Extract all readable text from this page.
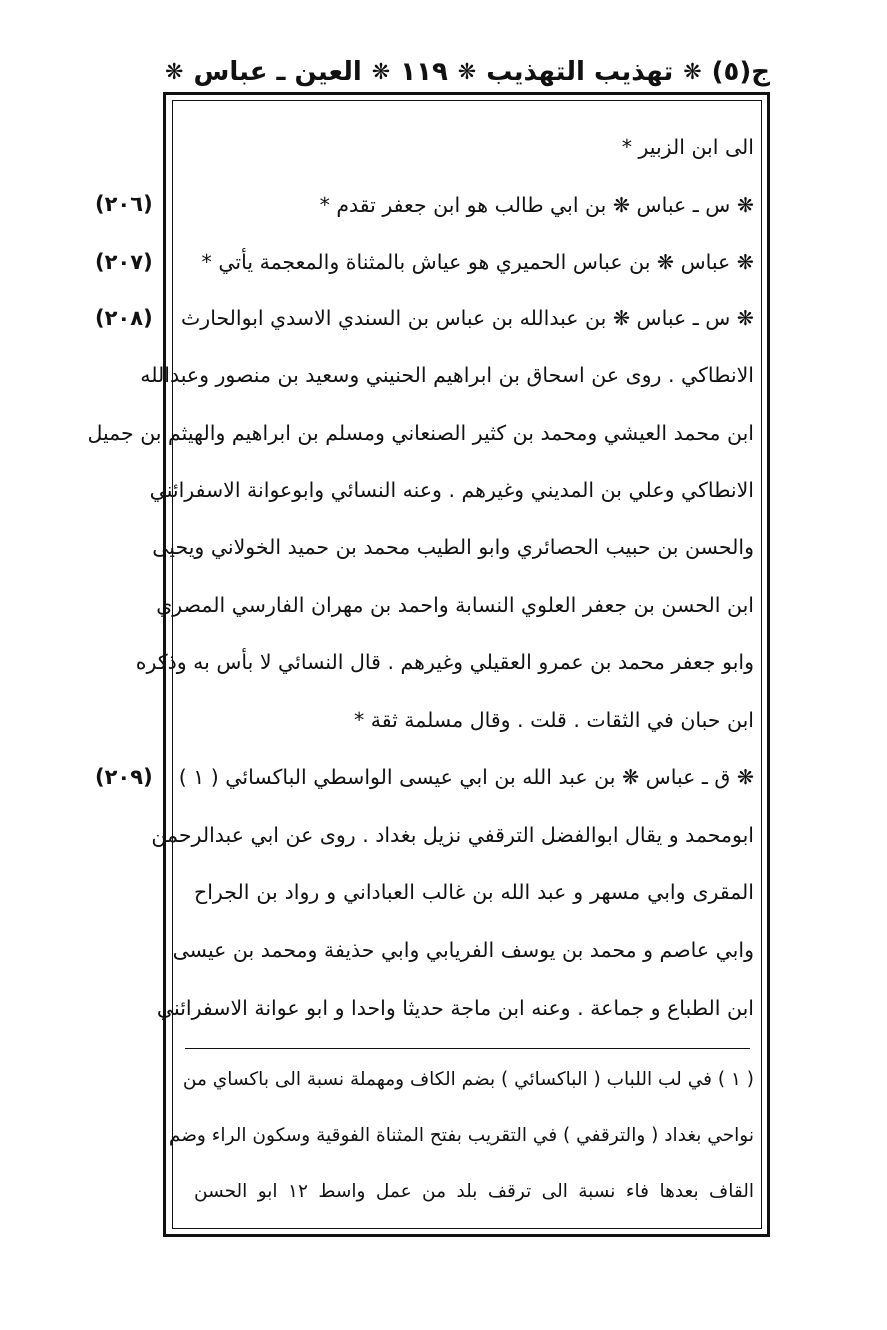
ج(٥)
❋
تهذيب التهذيب
❋
١١٩
❋
العين ـ عباس
❋
الى ابن الزبير *
❋ س ـ عباس ❋ بن ابي طالب هو ابن جعفر تقدم *
❋ عباس ❋ بن عباس الحميري هو عياش بالمثناة والمعجمة يأتي *
❋ س ـ عباس ❋ بن عبدالله بن عباس بن السندي الاسدي ابوالحارث
الانطاكي . روى عن اسحاق بن ابراهيم الحنيني وسعيد بن منصور وعبدالله
ابن محمد العيشي ومحمد بن كثير الصنعاني ومسلم بن ابراهيم والهيثم بن جميل
الانطاكي وعلي بن المديني وغيرهم . وعنه النسائي وابوعوانة الاسفرائني
والحسن بن حبيب الحصائري وابو الطيب محمد بن حميد الخولاني ويحيى
ابن الحسن بن جعفر العلوي النسابة واحمد بن مهران الفارسي المصري
وابو جعفر محمد بن عمرو العقيلي وغيرهم . قال النسائي لا بأس به وذكره
ابن حبان في الثقات . قلت . وقال مسلمة ثقة *
❋ ق ـ عباس ❋ بن عبد الله بن ابي عيسى الواسطي الباكسائي ( ١ )
ابومحمد و يقال ابوالفضل الترقفي نزيل بغداد . روى عن ابي عبدالرحمن
المقرى وابي مسهر و عبد الله بن غالب العباداني و رواد بن الجراح
وابي عاصم و محمد بن يوسف الفريابي وابي حذيفة ومحمد بن عيسى
ابن الطباع و جماعة . وعنه ابن ماجة حديثا واحدا و ابو عوانة الاسفرائني
(٢٠٦)
(٢٠٧)
(٢٠٨)
(٢٠٩)
( ١ ) في لب اللباب ( الباكسائي ) بضم الكاف ومهملة نسبة الى باكساي من
نواحي بغداد ( والترقفي ) في التقريب بفتح المثناة الفوقية وسكون الراء وضم
القاف بعدها فاء نسبة الى ترقف بلد من عمل واسط ١٢ ابو الحسن
